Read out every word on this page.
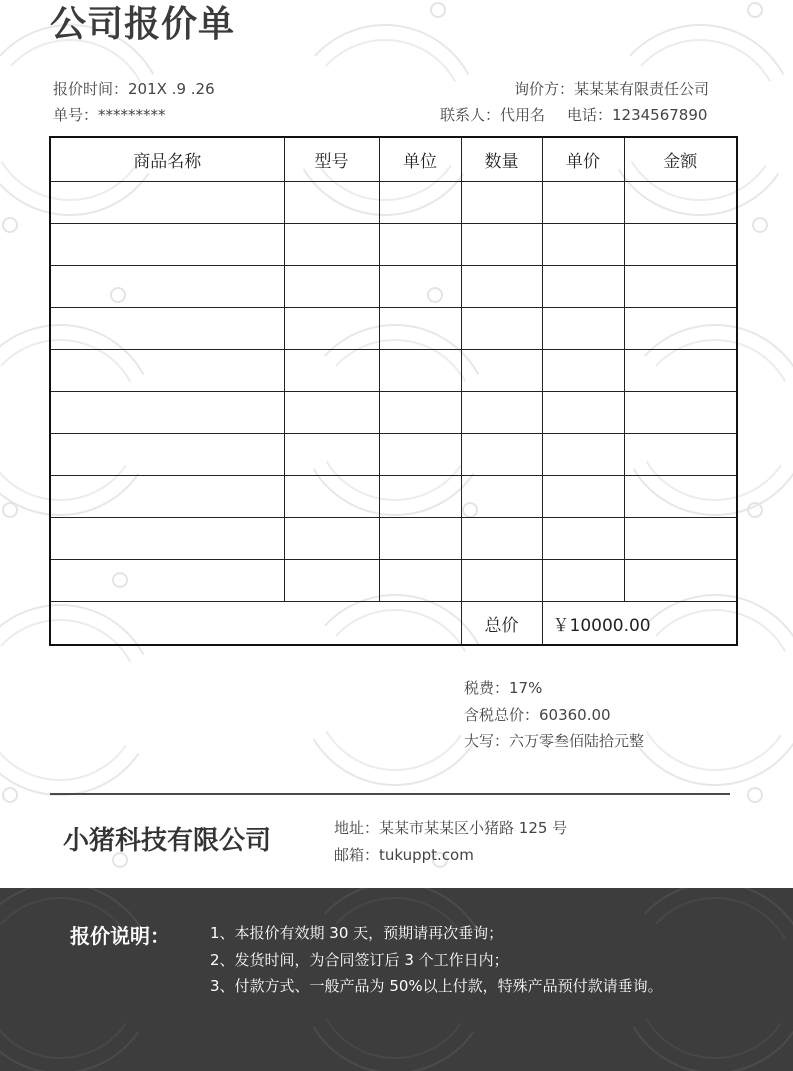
公司报价单
报价时间：201X .9 .26
单号：*********
询价方：某某某有限责任公司
联系人：代用名 电话：1234567890
商品名称	型号	单位	数量	单价	金额

			总价	￥10000.00	
税费：17%
含税总价：60360.00
大写：六万零叁佰陆拾元整
小猪科技有限公司	地址：某某市某某区小猪路 125 号
邮箱：tukuppt.com
报价说明：	1、本报价有效期 30 天，预期请再次垂询；
2、发货时间，为合同签订后 3 个工作日内；
3、付款方式、一般产品为 50%以上付款，特殊产品预付款请垂询。
